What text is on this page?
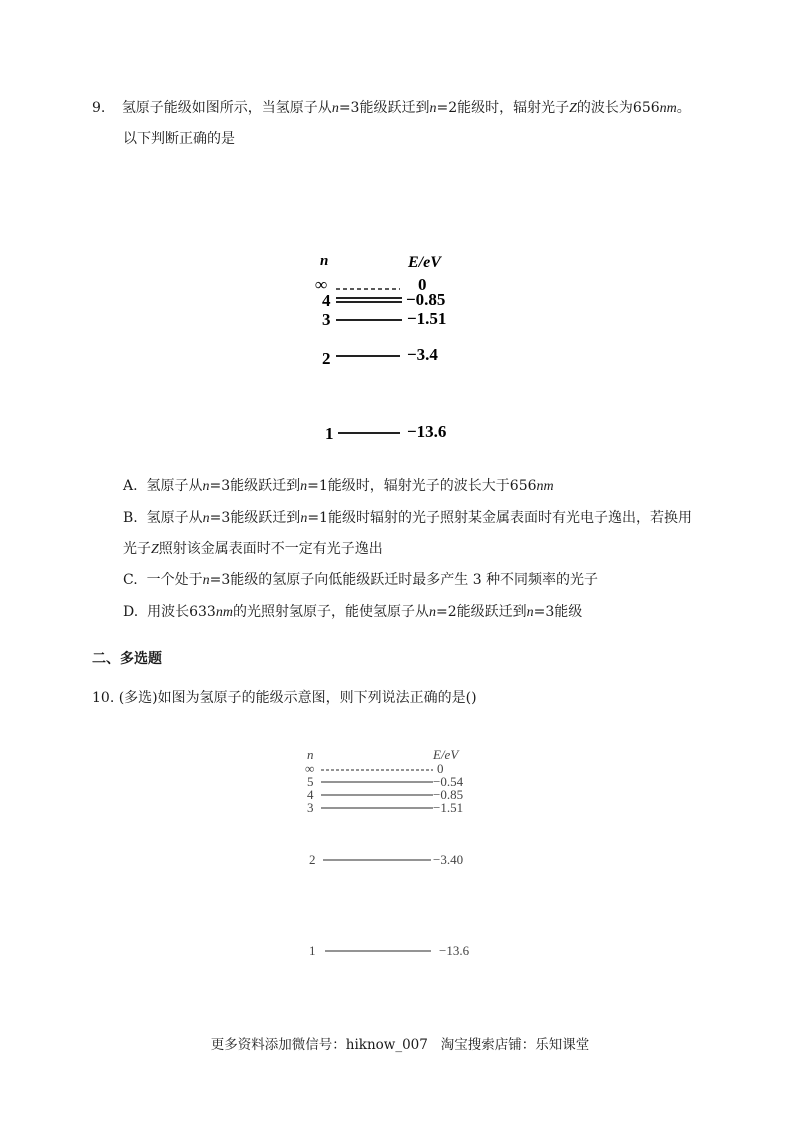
9. 氢原子能级如图所示，当氢原子从n=3能级跃迁到n=2能级时，辐射光子Z的波长为656nm。
以下判断正确的是
n	E/eV
∞	0
4	−0.85
3	−1.51
2	−3.4
1	−13.6
A. 氢原子从n=3能级跃迁到n=1能级时，辐射光子的波长大于656nm
B. 氢原子从n=3能级跃迁到n=1能级时辐射的光子照射某金属表面时有光电子逸出，若换用
光子Z照射该金属表面时不一定有光子逸出
C. 一个处于n=3能级的氢原子向低能级跃迁时最多产生 3 种不同频率的光子
D. 用波长633nm的光照射氢原子，能使氢原子从n=2能级跃迁到n=3能级
二、多选题
10. (多选)如图为氢原子的能级示意图，则下列说法正确的是()
n	E/eV
∞	0
5	−0.54
4	−0.85
3	−1.51
2	−3.40
1	−13.6
更多资料添加微信号：hiknow_007   淘宝搜索店铺：乐知课堂
